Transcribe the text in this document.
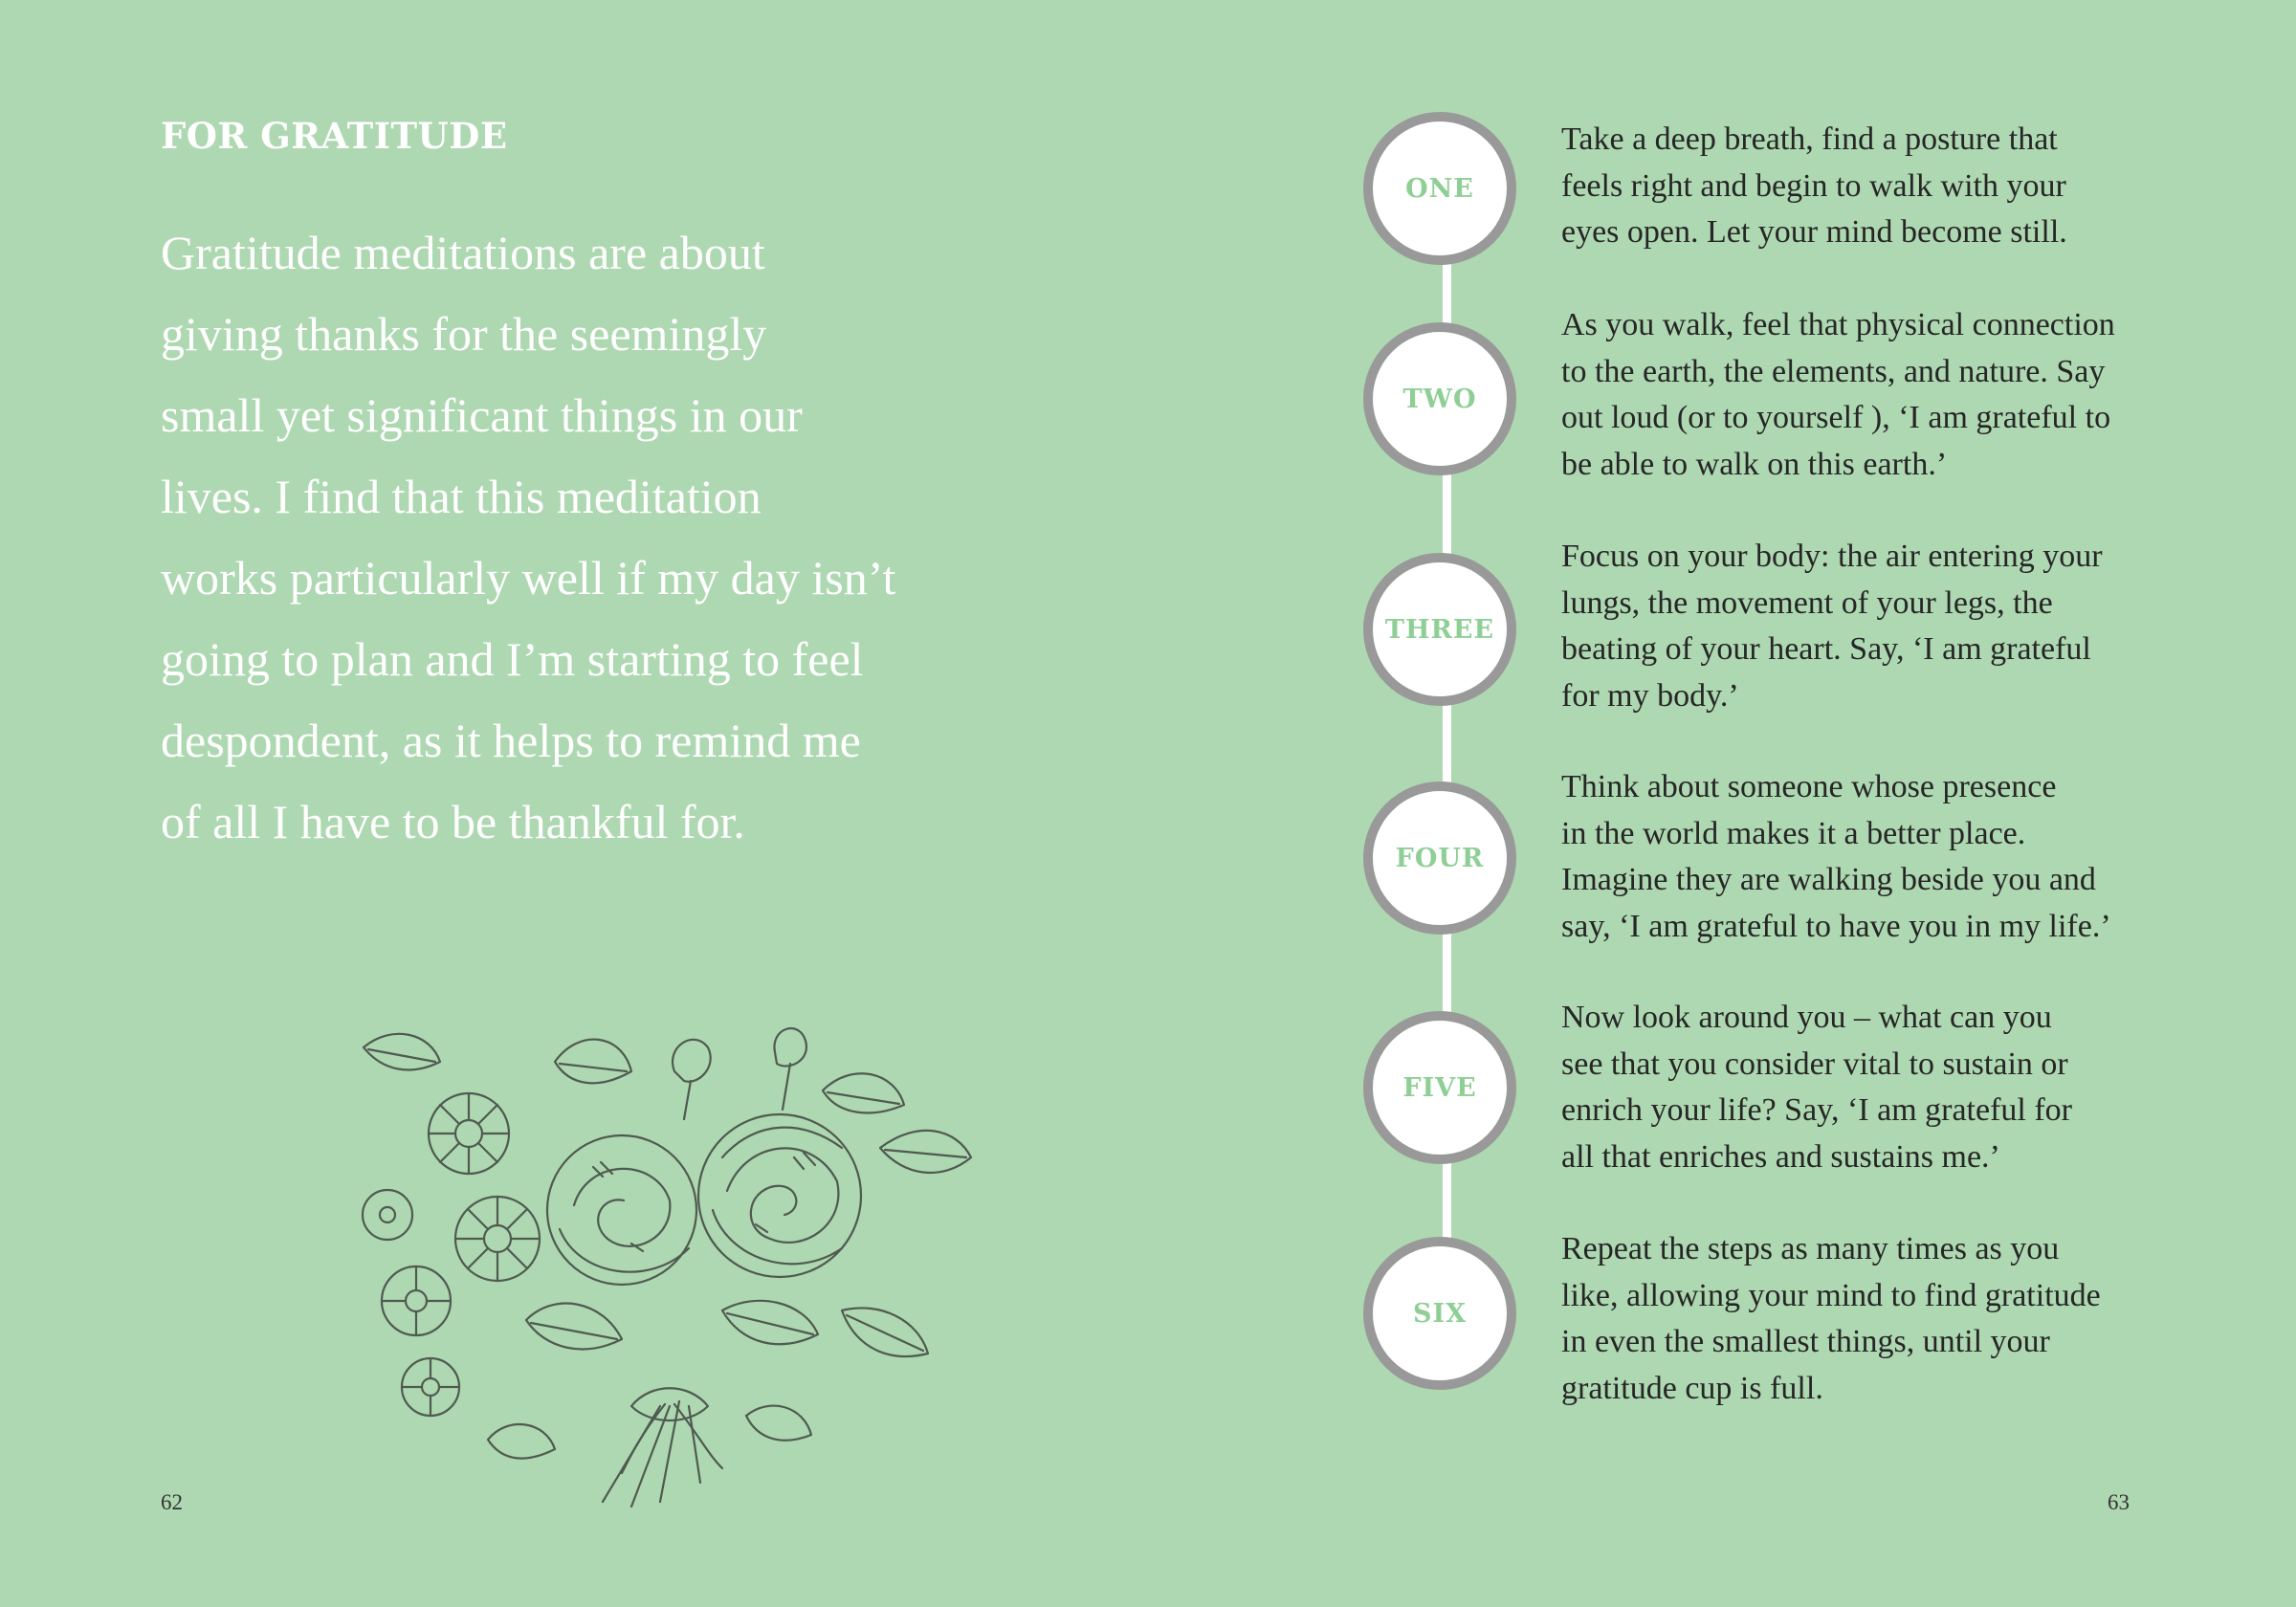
FOR GRATITUDE

Gratitude meditations are about
giving thanks for the seemingly
small yet significant things in our
lives. I find that this meditation
works particularly well if my day isn’t
going to plan and I’m starting to feel
despondent, as it helps to remind me
of all I have to be thankful for.

62
ONE

Take a deep breath, find a posture that
feels right and begin to walk with your
eyes open. Let your mind become still.

TWO

As you walk, feel that physical connection
to the earth, the elements, and nature. Say
out loud (or to yourself ), ‘I am grateful to
be able to walk on this earth.’

THREE

Focus on your body: the air entering your
lungs, the movement of your legs, the
beating of your heart. Say, ‘I am grateful
for my body.’

FOUR

Think about someone whose presence
in the world makes it a better place.
Imagine they are walking beside you and
say, ‘I am grateful to have you in my life.’

FIVE

Now look around you – what can you
see that you consider vital to sustain or
enrich your life? Say, ‘I am grateful for
all that enriches and sustains me.’

SIX

Repeat the steps as many times as you
like, allowing your mind to find gratitude
in even the smallest things, until your
gratitude cup is full.

63
